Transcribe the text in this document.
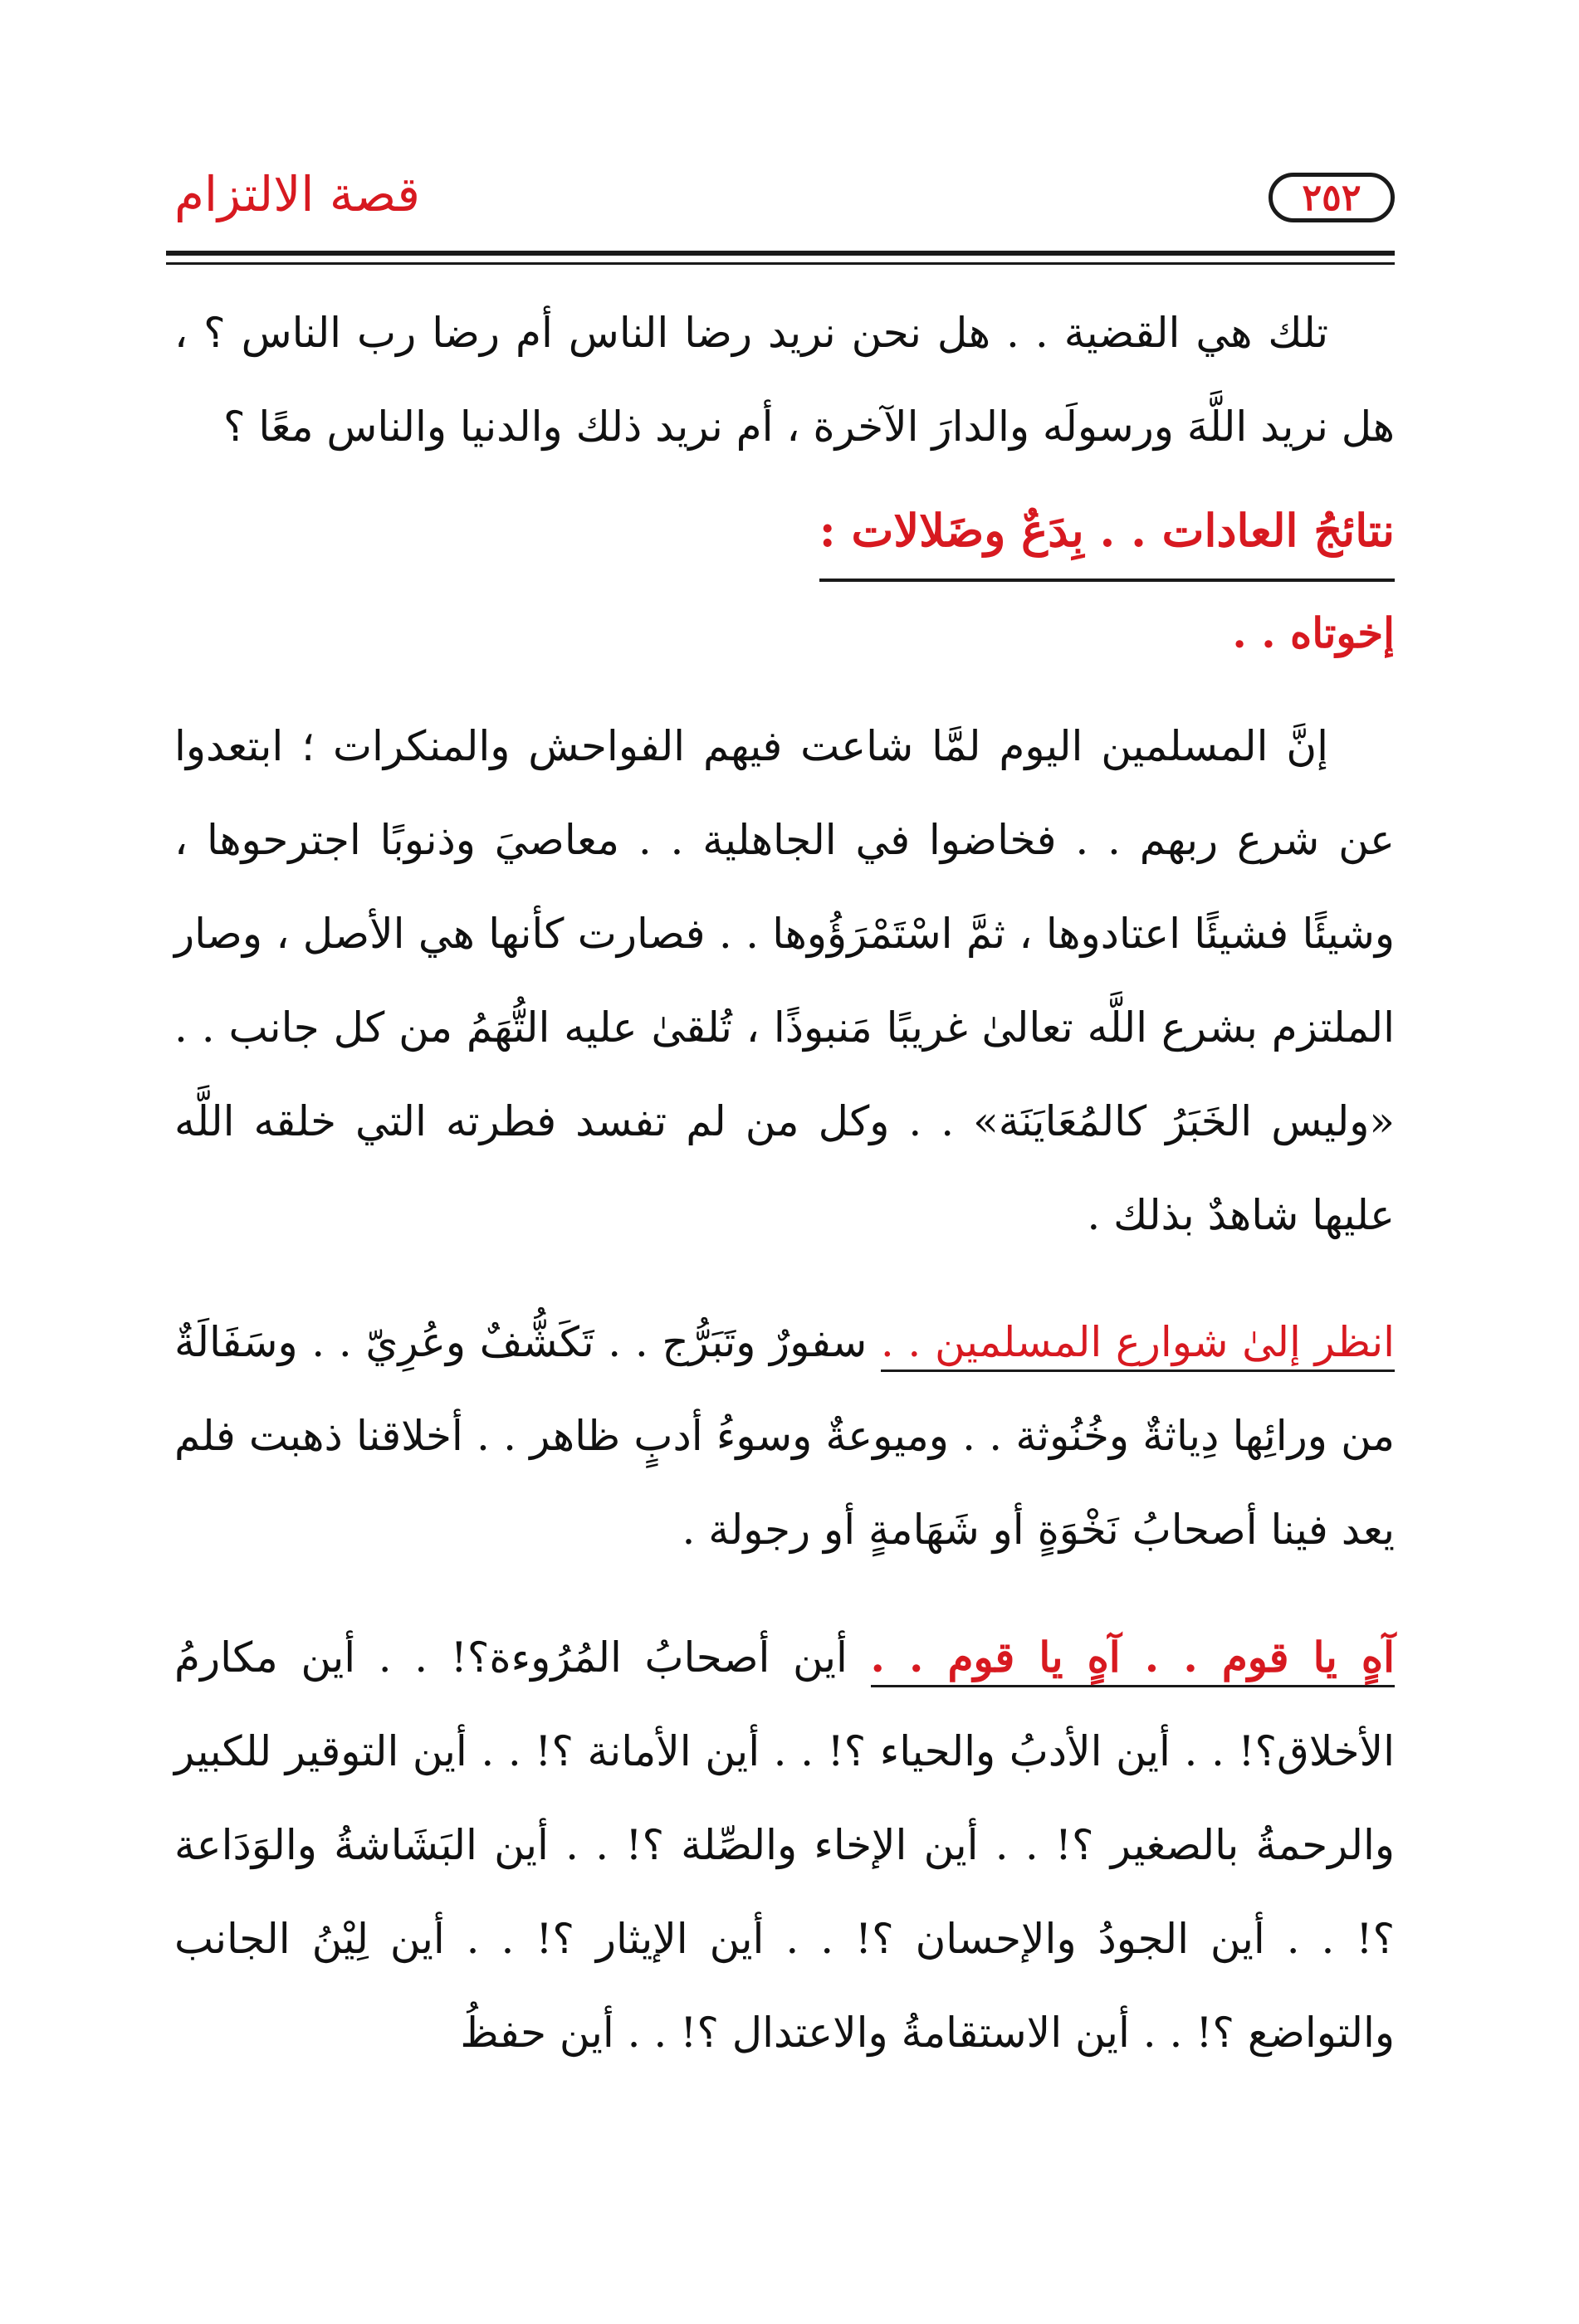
٢٥٢
قصة الالتزام

تلك هي القضية . . هل نحن نريد رضا الناس أم رضا رب الناس ؟ ، هل نريد اللَّهَ ورسولَه والدارَ الآخرة ، أم نريد ذلك والدنيا والناس معًا ؟

نتائجُ العادات . . بِدَعٌ وضَلالات :
إخوتاه . .

إنَّ المسلمين اليوم لمَّا شاعت فيهم الفواحش والمنكرات ؛ ابتعدوا عن شرع ربهم . . فخاضوا في الجاهلية . . معاصيَ وذنوبًا اجترحوها ، وشيئًا فشيئًا اعتادوها ، ثمَّ اسْتَمْرَؤُوها . . فصارت كأنها هي الأصل ، وصار الملتزم بشرع اللَّه تعالىٰ غريبًا مَنبوذًا ، تُلقىٰ عليه التُّهَمُ من كل جانب . . «وليس الخَبَرُ كالمُعَايَنَة» . . وكل من لم تفسد فطرته التي خلقه اللَّه عليها شاهدٌ بذلك .

انظر إلىٰ شوارع المسلمين . . سفورٌ وتَبَرُّج . . تَكَشُّفٌ وعُرِيّ . . وسَفَالَةٌ من ورائِها دِياثةٌ وخُنُوثة . . وميوعةٌ وسوءُ أدبٍ ظاهر . . أخلاقنا ذهبت فلم يعد فينا أصحابُ نَخْوَةٍ أو شَهَامةٍ أو رجولة .

آهٍ يا قوم . . آهٍ يا قوم . . أين أصحابُ المُرُوءة؟! . . أين مكارمُ الأخلاق؟! . . أين الأدبُ والحياء ؟! . . أين الأمانة ؟! . . أين التوقير للكبير والرحمةُ بالصغير ؟! . . أين الإخاء والصِّلة ؟! . . أين البَشَاشةُ والوَدَاعة ؟! . . أين الجودُ والإحسان ؟! . . أين الإيثار ؟! . . أين لِيْنُ الجانب والتواضع ؟! . . أين الاستقامةُ والاعتدال ؟! . . أين حفظُ
